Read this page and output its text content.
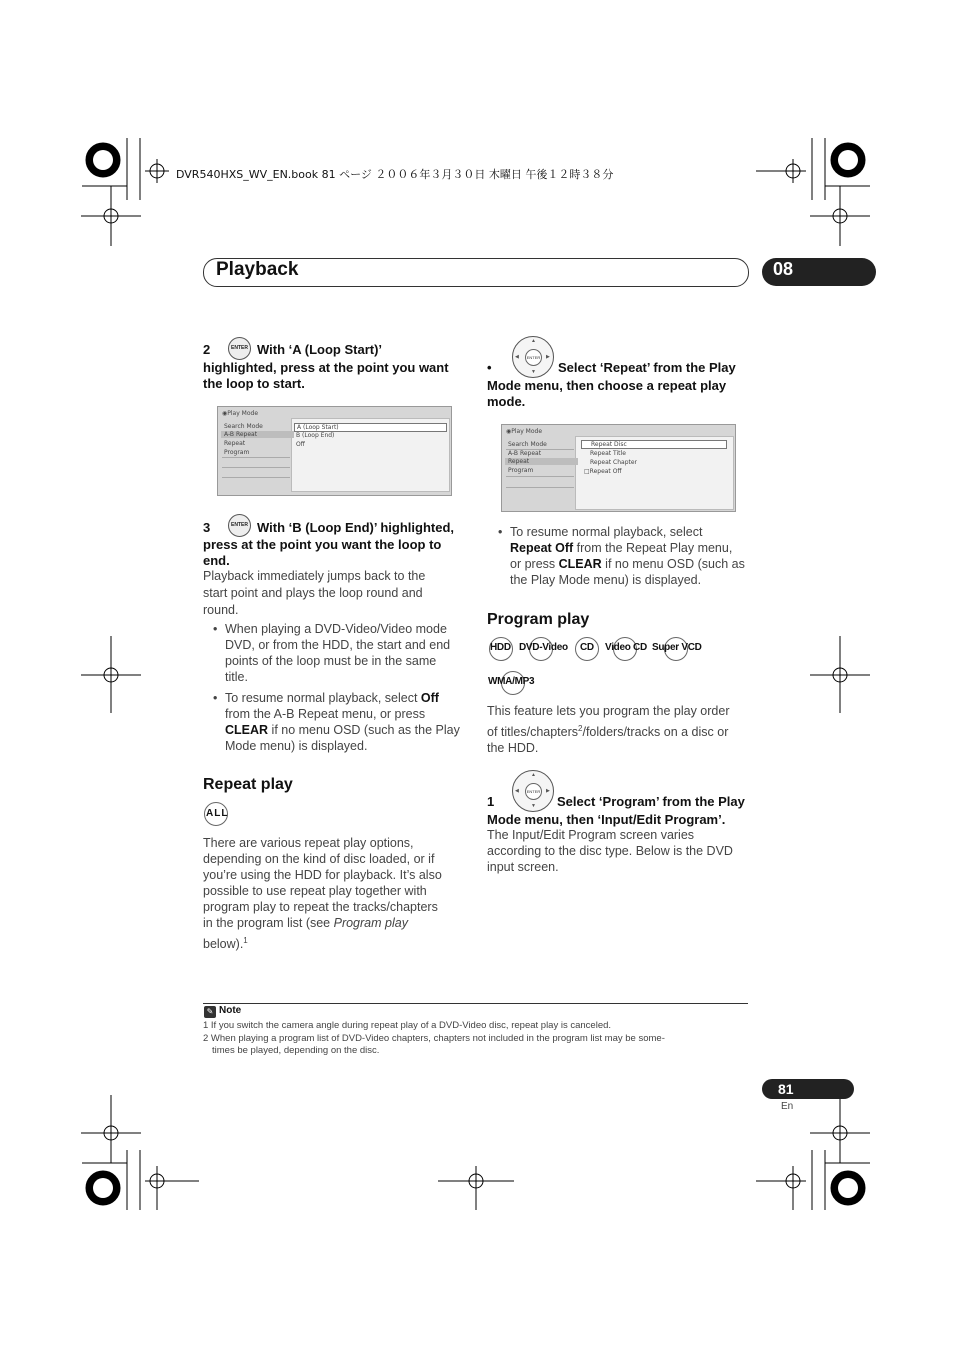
DVR540HXS_WV_EN.book 81 ページ ２００６年３月３０日 木曜日 午後１２時３８分
Playback	08
2	ENTER With ‘A (Loop Start)’
highlighted, press at the point you want
the loop to start.
◉Play Mode
Search Mode
A-B Repeat
Repeat
Program
A (Loop Start)
B (Loop End)
Off
3	ENTER With ‘B (Loop End)’ highlighted,
press at the point you want the loop to
end.
Playback immediately jumps back to the
start point and plays the loop round and
round.
• When playing a DVD-Video/Video mode
DVD, or from the HDD, the start and end
points of the loop must be in the same
title.
• To resume normal playback, select Off
from the A-B Repeat menu, or press
CLEAR if no menu OSD (such as the Play
Mode menu) is displayed.
Repeat play
ALL
There are various repeat play options,
depending on the kind of disc loaded, or if
you’re using the HDD for playback. It’s also
possible to use repeat play together with
program play to repeat the tracks/chapters
in the program list (see Program play
below).$^1$
▲
▼
◀	▶
ENTER
•	Select ‘Repeat’ from the Play
Mode menu, then choose a repeat play
mode.
◉Play Mode
Search Mode
A-B Repeat
Repeat
Program
Repeat Disc
Repeat Title
Repeat Chapter
□Repeat Off
• To resume normal playback, select
Repeat Off from the Repeat Play menu,
or press CLEAR if no menu OSD (such as
the Play Mode menu) is displayed.
Program play
HDD DVD-Video CD Video CD Super VCD
WMA/MP3
This feature lets you program the play order
of titles/chapters$^2$/folders/tracks on a disc or
the HDD.
▲
▼
◀	▶
ENTER
1	Select ‘Program’ from the Play
Mode menu, then ‘Input/Edit Program’.
The Input/Edit Program screen varies
according to the disc type. Below is the DVD
input screen.
✎ Note
1 If you switch the camera angle during repeat play of a DVD-Video disc, repeat play is canceled.
2 When playing a program list of DVD-Video chapters, chapters not included in the program list may be some-
times be played, depending on the disc.
81
En
